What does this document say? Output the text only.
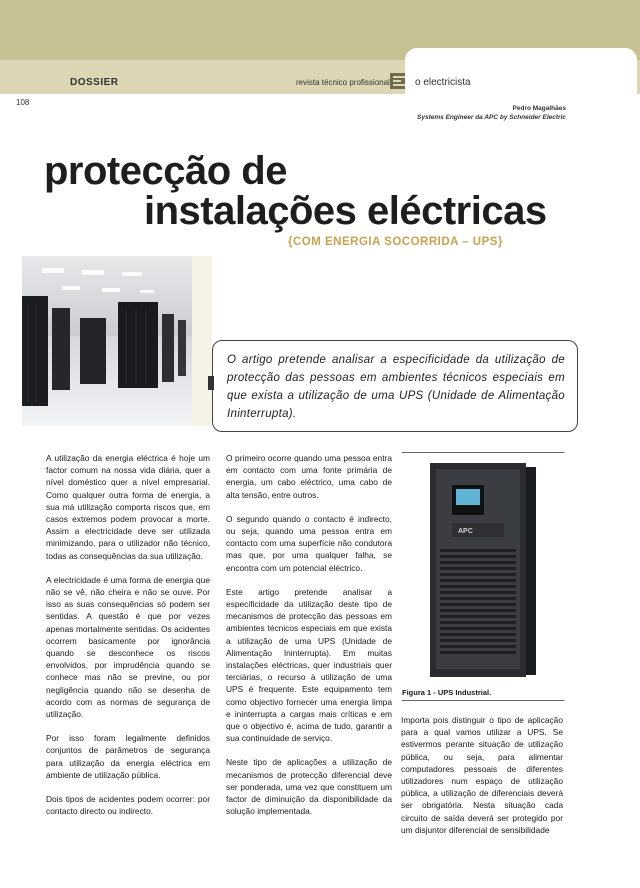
DOSSIER	revista técnico profissional	o electricista
108
Pedro Magalhães
Systems Engineer da APC by Schneider Electric
protecção de
instalações eléctricas
{COM ENERGIA SOCORRIDA – UPS}
O artigo pretende analisar a especificidade da utilização de protecção das pessoas em ambientes técnicos especiais em que exista a utilização de uma UPS (Unidade de Alimentação Ininterrupta).

A utilização da energia eléctrica é hoje um factor comum na nossa vida diária, quer a nível doméstico quer a nível empresarial. Como qualquer outra forma de energia, a sua má utilização comporta riscos que, em casos extremos podem provocar a morte. Assim a electricidade deve ser utilizada minimizando, para o utilizador não técnico, todas as consequências da sua utilização.

A electricidade é uma forma de energia que não se vê, não cheira e não se ouve. Por isso as suas consequências só podem ser sentidas. A questão é que por vezes apenas mortalmente sentidas. Os acidentes ocorrem basicamente por ignorância quando se desconhece os riscos envolvidos, por imprudência quando se conhece mas não se previne, ou por negligência quando não se desenha de acordo com as normas de segurança de utilização.

Por isso foram legalmente definidos conjuntos de parâmetros de segurança para utilização da energia eléctrica em ambiente de utilização pública.

Dois tipos de acidentes podem ocorrer: por contacto directo ou indirecto.

O primeiro ocorre quando uma pessoa entra em contacto com uma fonte primária de energia, um cabo eléctrico, uma cabo de alta tensão, entre outros.

O segundo quando o contacto é indirecto, ou seja, quando uma pessoa entra em contacto com uma superfície não condutora mas que, por uma qualquer falha, se encontra com um potencial eléctrico.

Este artigo pretende analisar a especificidade da utilização deste tipo de mecanismos de protecção das pessoas em ambientes técnicos especiais em que exista a utilização de uma UPS (Unidade de Alimentação Ininterrupta). Em muitas instalações eléctricas, quer industriais quer terciárias, o recurso à utilização de uma UPS é frequente. Este equipamento tem como objectivo fornecer uma energia limpa e ininterrupta a cargas mais críticas e em que o objectivo é, acima de tudo, garantir a sua continuidade de serviço.

Neste tipo de aplicações a utilização de mecanismos de protecção diferencial deve ser ponderada, uma vez que constituem um factor de diminuição da disponibilidade da solução implementada.

APC
Figura 1 - UPS Industrial.

Importa pois distinguir o tipo de aplicação para a qual vamos utilizar a UPS. Se estivermos perante situação de utilização pública, ou seja, para alimentar computadores pessoais de diferentes utilizadores num espaço de utilização pública, a utilização de diferenciais deverá ser obrigatória. Nesta situação cada circuito de saída deverá ser protegido por um disjuntor diferencial de sensibilidade
